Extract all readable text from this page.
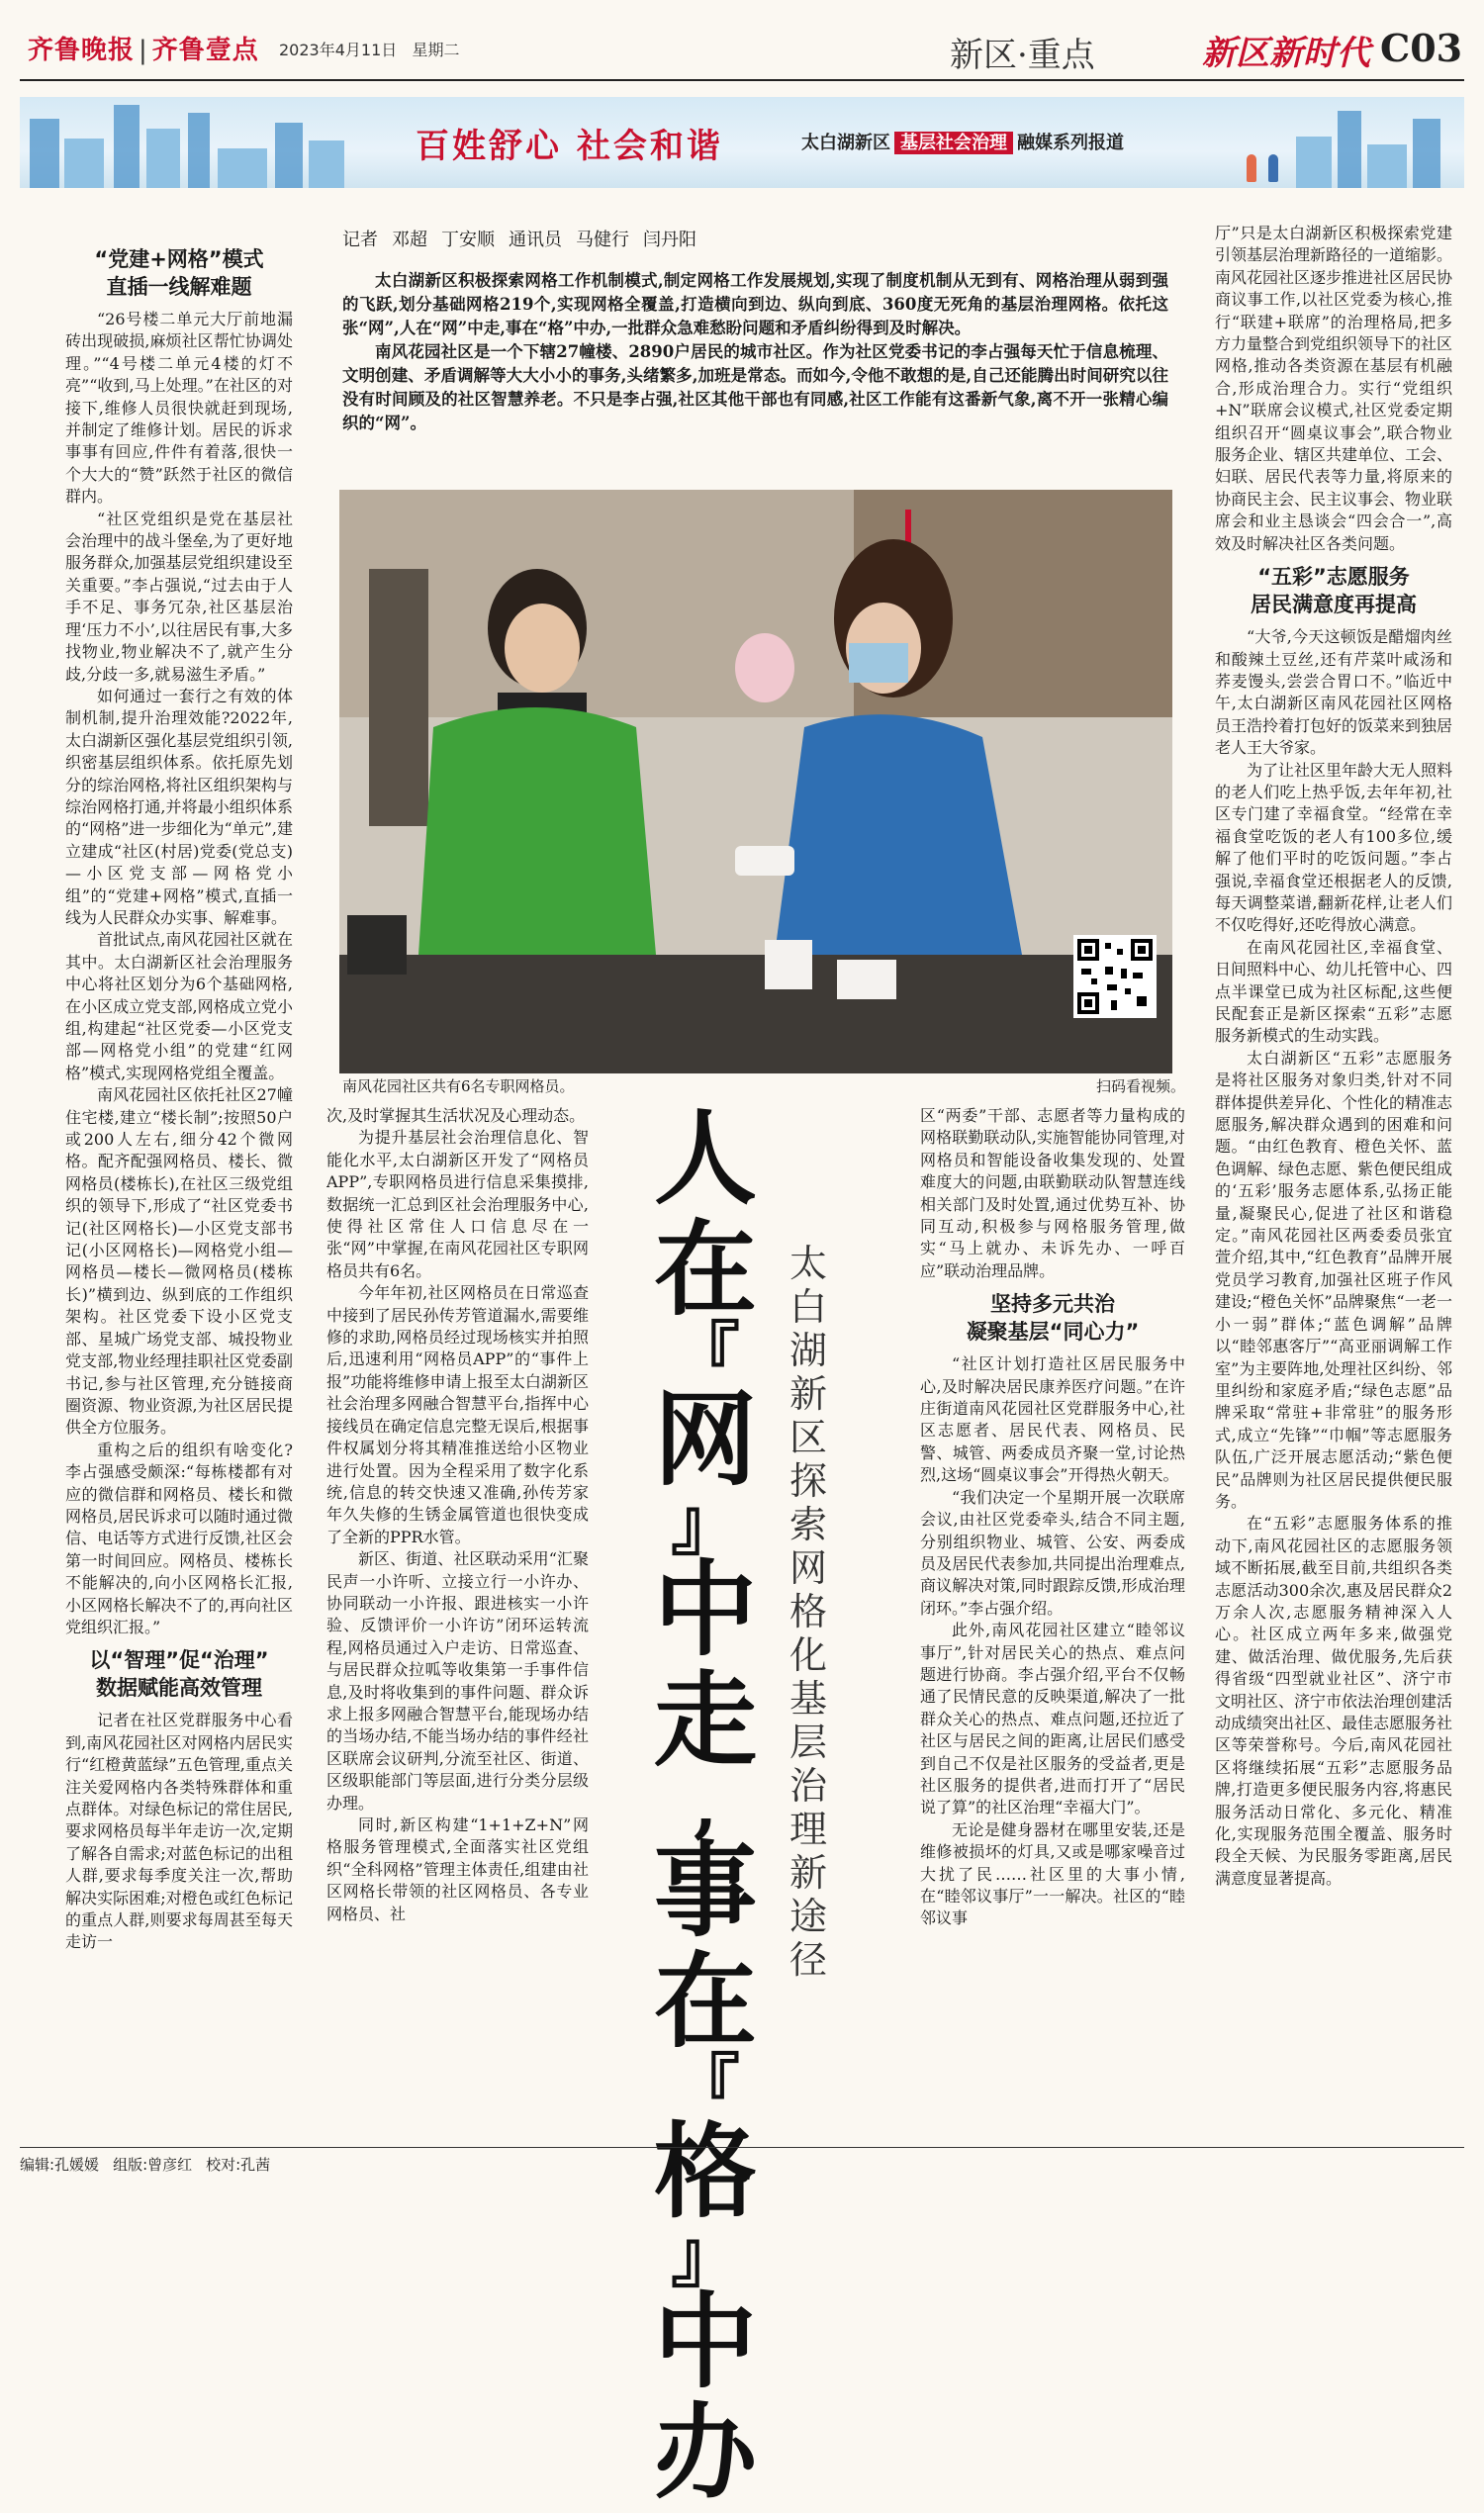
齐鲁晚报 | 齐鲁壹点 2023年4月11日 星期二	新区·重点	新区新时代 C03
百姓舒心 社会和谐	太白湖新区 基层社会治理 融媒系列报道
“党建+网格”模式
直插一线解难题

“26号楼二单元大厅前地漏砖出现破损,麻烦社区帮忙协调处理。”“4号楼二单元4楼的灯不亮”“收到,马上处理。”在社区的对接下,维修人员很快就赶到现场,并制定了维修计划。居民的诉求事事有回应,件件有着落,很快一个大大的“赞”跃然于社区的微信群内。

“社区党组织是党在基层社会治理中的战斗堡垒,为了更好地服务群众,加强基层党组织建设至关重要。”李占强说,“过去由于人手不足、事务冗杂,社区基层治理‘压力不小’,以往居民有事,大多找物业,物业解决不了,就产生分歧,分歧一多,就易滋生矛盾。”

如何通过一套行之有效的体制机制,提升治理效能?2022年,太白湖新区强化基层党组织引领,织密基层组织体系。依托原先划分的综治网格,将社区组织架构与综治网格打通,并将最小组织体系的“网格”进一步细化为“单元”,建立建成“社区(村居)党委(党总支)—小区党支部—网格党小组”的“党建+网格”模式,直插一线为人民群众办实事、解难事。

首批试点,南风花园社区就在其中。太白湖新区社会治理服务中心将社区划分为6个基础网格,在小区成立党支部,网格成立党小组,构建起“社区党委—小区党支部—网格党小组”的党建“红网格”模式,实现网格党组全覆盖。

南风花园社区依托社区27幢住宅楼,建立“楼长制”;按照50户或200人左右,细分42个微网格。配齐配强网格员、楼长、微网格员(楼栋长),在社区三级党组织的领导下,形成了“社区党委书记(社区网格长)—小区党支部书记(小区网格长)—网格党小组—网格员—楼长—微网格员(楼栋长)”横到边、纵到底的工作组织架构。社区党委下设小区党支部、星城广场党支部、城投物业党支部,物业经理挂职社区党委副书记,参与社区管理,充分链接商圈资源、物业资源,为社区居民提供全方位服务。

重构之后的组织有啥变化?李占强感受颇深:“每栋楼都有对应的微信群和网格员、楼长和微网格员,居民诉求可以随时通过微信、电话等方式进行反馈,社区会第一时间回应。网格员、楼栋长不能解决的,向小区网格长汇报,小区网格长解决不了的,再向社区党组织汇报。”

以“智理”促“治理”
数据赋能高效管理

记者在社区党群服务中心看到,南风花园社区对网格内居民实行“红橙黄蓝绿”五色管理,重点关注关爱网格内各类特殊群体和重点群体。对绿色标记的常住居民,要求网格员每半年走访一次,定期了解各自需求;对蓝色标记的出租人群,要求每季度关注一次,帮助解决实际困难;对橙色或红色标记的重点人群,则要求每周甚至每天走访一

记者 邓超 丁安顺 通讯员 马健行 闫丹阳

太白湖新区积极探索网格工作机制模式,制定网格工作发展规划,实现了制度机制从无到有、网格治理从弱到强的飞跃,划分基础网格219个,实现网格全覆盖,打造横向到边、纵向到底、360度无死角的基层治理网格。依托这张“网”,人在“网”中走,事在“格”中办,一批群众急难愁盼问题和矛盾纠纷得到及时解决。

南风花园社区是一个下辖27幢楼、2890户居民的城市社区。作为社区党委书记的李占强每天忙于信息梳理、文明创建、矛盾调解等大大小小的事务,头绪繁多,加班是常态。而如今,令他不敢想的是,自己还能腾出时间研究以往没有时间顾及的社区智慧养老。不只是李占强,社区其他干部也有同感,社区工作能有这番新气象,离不开一张精心编织的“网”。

南风花园社区共有6名专职网格员。	扫码看视频。

次,及时掌握其生活状况及心理动态。

为提升基层社会治理信息化、智能化水平,太白湖新区开发了“网格员APP”,专职网格员进行信息采集摸排,数据统一汇总到区社会治理服务中心,使得社区常住人口信息尽在一张“网”中掌握,在南风花园社区专职网格员共有6名。

今年年初,社区网格员在日常巡查中接到了居民孙传芳管道漏水,需要维修的求助,网格员经过现场核实并拍照后,迅速利用“网格员APP”的“事件上报”功能将维修申请上报至太白湖新区社会治理多网融合智慧平台,指挥中心接线员在确定信息完整无误后,根据事件权属划分将其精准推送给小区物业进行处置。因为全程采用了数字化系统,信息的转交快速又准确,孙传芳家年久失修的生锈金属管道也很快变成了全新的PPR水管。

新区、街道、社区联动采用“汇聚民声一小许听、立接立行一小许办、协同联动一小许报、跟进核实一小许验、反馈评价一小许访”闭环运转流程,网格员通过入户走访、日常巡查、与居民群众拉呱等收集第一手事件信息,及时将收集到的事件问题、群众诉求上报多网融合智慧平台,能现场办结的当场办结,不能当场办结的事件经社区联席会议研判,分流至社区、街道、区级职能部门等层面,进行分类分层级办理。

同时,新区构建“1+1+Z+N”网格服务管理模式,全面落实社区党组织“全科网格”管理主体责任,组建由社区网格长带领的社区网格员、各专业网格员、社

人
在
『
网
』
中
走
,
事
在
『
格
』
中
办
太
白
湖
新
区
探
索
网
格
化
基
层
治
理
新
途
径

区“两委”干部、志愿者等力量构成的网格联勤联动队,实施智能协同管理,对网格员和智能设备收集发现的、处置难度大的问题,由联勤联动队智慧连线相关部门及时处置,通过优势互补、协同互动,积极参与网格服务管理,做实“马上就办、未诉先办、一呼百应”联动治理品牌。

坚持多元共治
凝聚基层“同心力”

“社区计划打造社区居民服务中心,及时解决居民康养医疗问题。”在许庄街道南风花园社区党群服务中心,社区志愿者、居民代表、网格员、民警、城管、两委成员齐聚一堂,讨论热烈,这场“圆桌议事会”开得热火朝天。

“我们决定一个星期开展一次联席会议,由社区党委牵头,结合不同主题,分别组织物业、城管、公安、两委成员及居民代表参加,共同提出治理难点,商议解决对策,同时跟踪反馈,形成治理闭环。”李占强介绍。

此外,南风花园社区建立“睦邻议事厅”,针对居民关心的热点、难点问题进行协商。李占强介绍,平台不仅畅通了民情民意的反映渠道,解决了一批群众关心的热点、难点问题,还拉近了社区与居民之间的距离,让居民们感受到自己不仅是社区服务的受益者,更是社区服务的提供者,进而打开了“居民说了算”的社区治理“幸福大门”。

无论是健身器材在哪里安装,还是维修被损坏的灯具,又或是哪家噪音过大扰了民……社区里的大事小情,在“睦邻议事厅”一一解决。社区的“睦邻议事

厅”只是太白湖新区积极探索党建引领基层治理新路径的一道缩影。南风花园社区逐步推进社区居民协商议事工作,以社区党委为核心,推行“联建+联席”的治理格局,把多方力量整合到党组织领导下的社区网格,推动各类资源在基层有机融合,形成治理合力。实行“党组织+N”联席会议模式,社区党委定期组织召开“圆桌议事会”,联合物业服务企业、辖区共建单位、工会、妇联、居民代表等力量,将原来的协商民主会、民主议事会、物业联席会和业主恳谈会“四会合一”,高效及时解决社区各类问题。

“五彩”志愿服务
居民满意度再提高

“大爷,今天这顿饭是醋熘肉丝和酸辣土豆丝,还有芹菜叶咸汤和荞麦馒头,尝尝合胃口不。”临近中午,太白湖新区南风花园社区网格员王浩拎着打包好的饭菜来到独居老人王大爷家。

为了让社区里年龄大无人照料的老人们吃上热乎饭,去年年初,社区专门建了幸福食堂。“经常在幸福食堂吃饭的老人有100多位,缓解了他们平时的吃饭问题。”李占强说,幸福食堂还根据老人的反馈,每天调整菜谱,翻新花样,让老人们不仅吃得好,还吃得放心满意。

在南风花园社区,幸福食堂、日间照料中心、幼儿托管中心、四点半课堂已成为社区标配,这些便民配套正是新区探索“五彩”志愿服务新模式的生动实践。

太白湖新区“五彩”志愿服务是将社区服务对象归类,针对不同群体提供差异化、个性化的精准志愿服务,解决群众遇到的困难和问题。“由红色教育、橙色关怀、蓝色调解、绿色志愿、紫色便民组成的‘五彩’服务志愿体系,弘扬正能量,凝聚民心,促进了社区和谐稳定。”南风花园社区两委委员张宜萱介绍,其中,“红色教育”品牌开展党员学习教育,加强社区班子作风建设;“橙色关怀”品牌聚焦“一老一小一弱”群体;“蓝色调解”品牌以“睦邻惠客厅”“高亚丽调解工作室”为主要阵地,处理社区纠纷、邻里纠纷和家庭矛盾;“绿色志愿”品牌采取“常驻+非常驻”的服务形式,成立“先锋”“巾帼”等志愿服务队伍,广泛开展志愿活动;“紫色便民”品牌则为社区居民提供便民服务。

在“五彩”志愿服务体系的推动下,南风花园社区的志愿服务领域不断拓展,截至目前,共组织各类志愿活动300余次,惠及居民群众2万余人次,志愿服务精神深入人心。社区成立两年多来,做强党建、做活治理、做优服务,先后获得省级“四型就业社区”、济宁市文明社区、济宁市依法治理创建活动成绩突出社区、最佳志愿服务社区等荣誉称号。今后,南风花园社区将继续拓展“五彩”志愿服务品牌,打造更多便民服务内容,将惠民服务活动日常化、多元化、精准化,实现服务范围全覆盖、服务时段全天候、为民服务零距离,居民满意度显著提高。

编辑:孔媛媛 组版:曾彦红 校对:孔茜
